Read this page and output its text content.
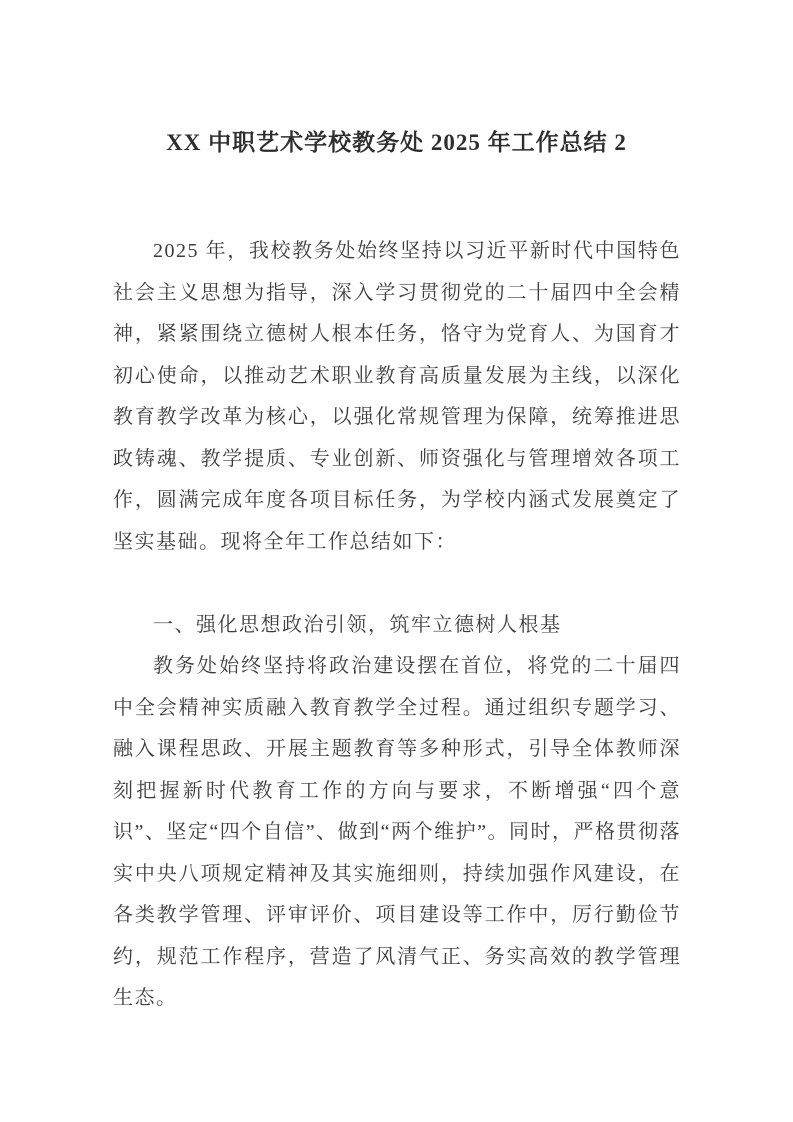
XX 中职艺术学校教务处 2025 年工作总结 2

2025 年，我校教务处始终坚持以习近平新时代中国特色社会主义思想为指导，深入学习贯彻党的二十届四中全会精神，紧紧围绕立德树人根本任务，恪守为党育人、为国育才初心使命，以推动艺术职业教育高质量发展为主线，以深化教育教学改革为核心，以强化常规管理为保障，统筹推进思政铸魂、教学提质、专业创新、师资强化与管理增效各项工作，圆满完成年度各项目标任务，为学校内涵式发展奠定了坚实基础。现将全年工作总结如下：

一、强化思想政治引领，筑牢立德树人根基

教务处始终坚持将政治建设摆在首位，将党的二十届四中全会精神实质融入教育教学全过程。通过组织专题学习、融入课程思政、开展主题教育等多种形式，引导全体教师深刻把握新时代教育工作的方向与要求，不断增强“四个意识”、坚定“四个自信”、做到“两个维护”。同时，严格贯彻落实中央八项规定精神及其实施细则，持续加强作风建设，在各类教学管理、评审评价、项目建设等工作中，厉行勤俭节约，规范工作程序，营造了风清气正、务实高效的教学管理生态。
